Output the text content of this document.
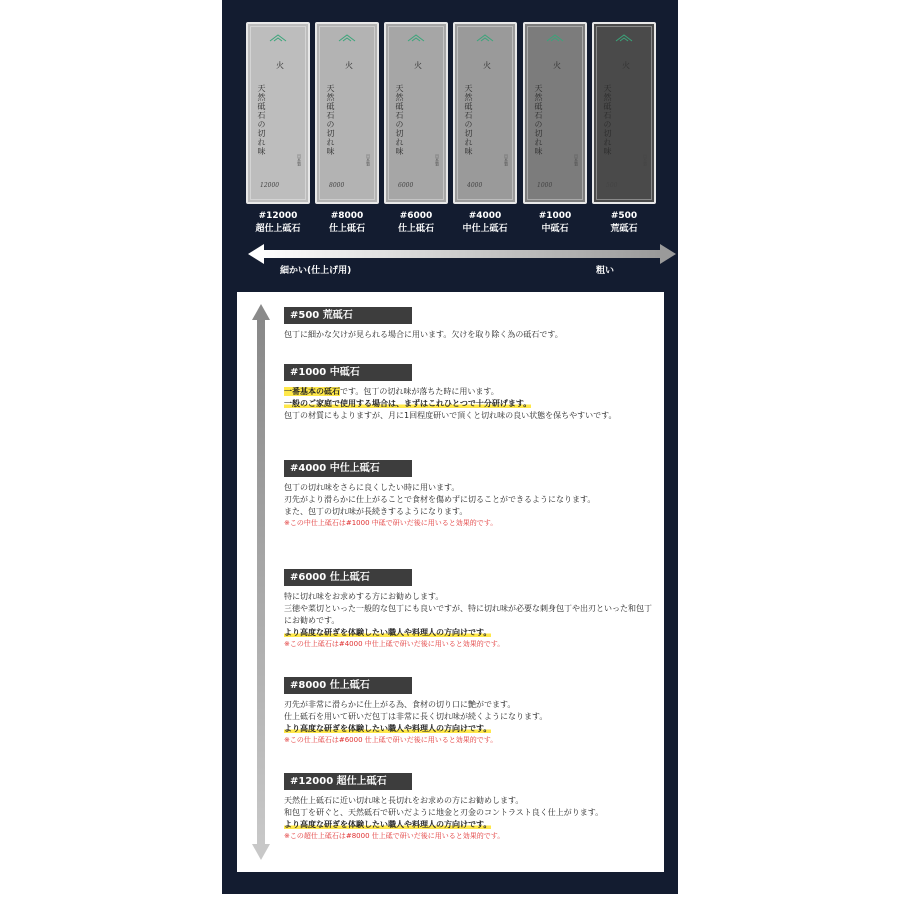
火
天然砥石の切れ味
日本製
12000
#12000
超仕上砥石
火
天然砥石の切れ味
日本製
8000
#8000
仕上砥石
火
天然砥石の切れ味
日本製
6000
#6000
仕上砥石
火
天然砥石の切れ味
日本製
4000
#4000
中仕上砥石
火
天然砥石の切れ味
日本製
1000
#1000
中砥石
火
天然砥石の切れ味
日本製
500
#500
荒砥石
細かい(仕上げ用)	粗い
#500 荒砥石

包丁に細かな欠けが見られる場合に用います。欠けを取り除く為の砥石です。

#1000 中砥石

一番基本の砥石です。包丁の切れ味が落ちた時に用います。

一般のご家庭で使用する場合は、まずはこれひとつで十分研げます。

包丁の材質にもよりますが、月に1回程度研いで頂くと切れ味の良い状態を保ちやすいです。

#4000 中仕上砥石

包丁の切れ味をさらに良くしたい時に用います。

刃先がより滑らかに仕上がることで食材を傷めずに切ることができるようになります。

また、包丁の切れ味が長続きするようになります。

※この中仕上砥石は#1000 中砥で研いだ後に用いると効果的です。

#6000 仕上砥石

特に切れ味をお求めする方にお勧めします。

三徳や菜切といった一般的な包丁にも良いですが、特に切れ味が必要な刺身包丁や出刃といった和包丁にお勧めです。

より高度な研ぎを体験したい職人や料理人の方向けです。

※この仕上砥石は#4000 中仕上砥で研いだ後に用いると効果的です。

#8000 仕上砥石

刃先が非常に滑らかに仕上がる為、食材の切り口に艶がでます。

仕上砥石を用いて研いだ包丁は非常に長く切れ味が続くようになります。

より高度な研ぎを体験したい職人や料理人の方向けです。

※この仕上砥石は#6000 仕上砥で研いだ後に用いると効果的です。

#12000 超仕上砥石

天然仕上砥石に近い切れ味と長切れをお求めの方にお勧めします。

和包丁を研ぐと、天然砥石で研いだように地金と刃金のコントラスト良く仕上がります。

より高度な研ぎを体験したい職人や料理人の方向けです。

※この超仕上砥石は#8000 仕上砥で研いだ後に用いると効果的です。
